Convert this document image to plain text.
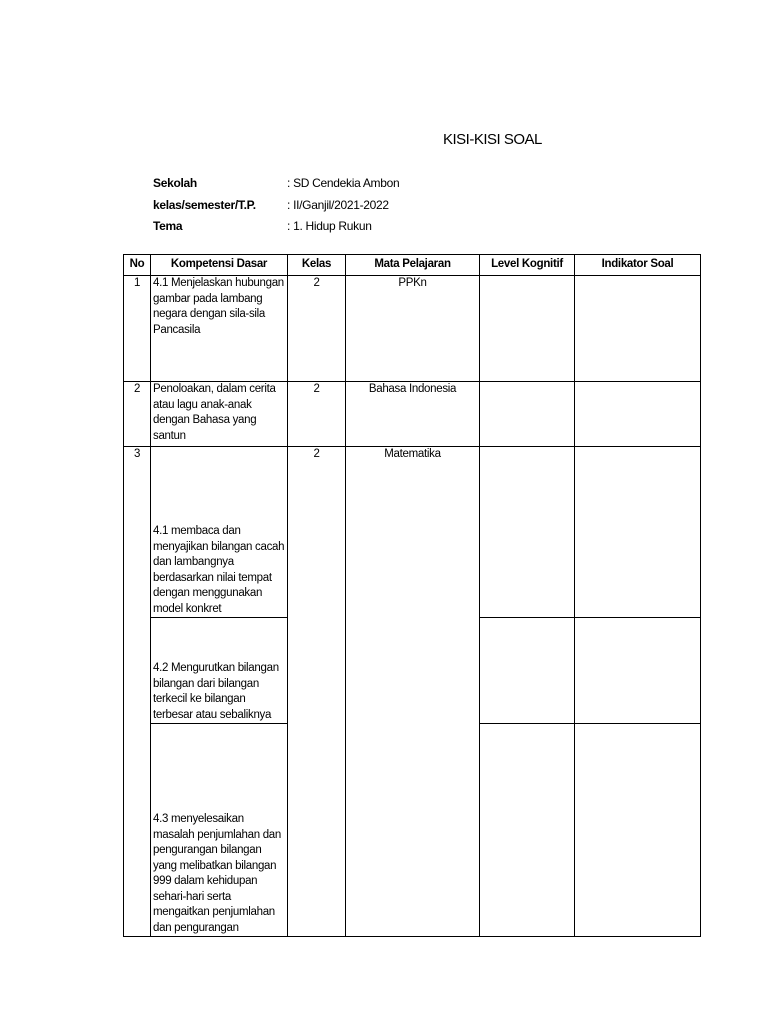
KISI-KISI SOAL
Sekolah	: SD Cendekia Ambon
kelas/semester/T.P.	: II/Ganjil/2021-2022
Tema	: 1. Hidup Rukun
No	Kompetensi Dasar	Kelas	Mata Pelajaran	Level Kognitif	Indikator Soal
1	4.1 Menjelaskan hubungan gambar pada lambang negara dengan sila-sila Pancasila	2	PPKn		
2	Penoloakan, dalam cerita atau lagu anak-anak dengan Bahasa yang santun	2	Bahasa Indonesia		
3	4.1 membaca dan menyajikan bilangan cacah dan lambangnya berdasarkan nilai tempat dengan menggunakan model konkret	2	Matematika		
	4.2 Mengurutkan bilangan bilangan dari bilangan terkecil ke bilangan terbesar atau sebaliknya				
	4.3 menyelesaikan masalah penjumlahan dan pengurangan bilangan yang melibatkan bilangan 999 dalam kehidupan sehari-hari serta mengaitkan penjumlahan dan pengurangan				
